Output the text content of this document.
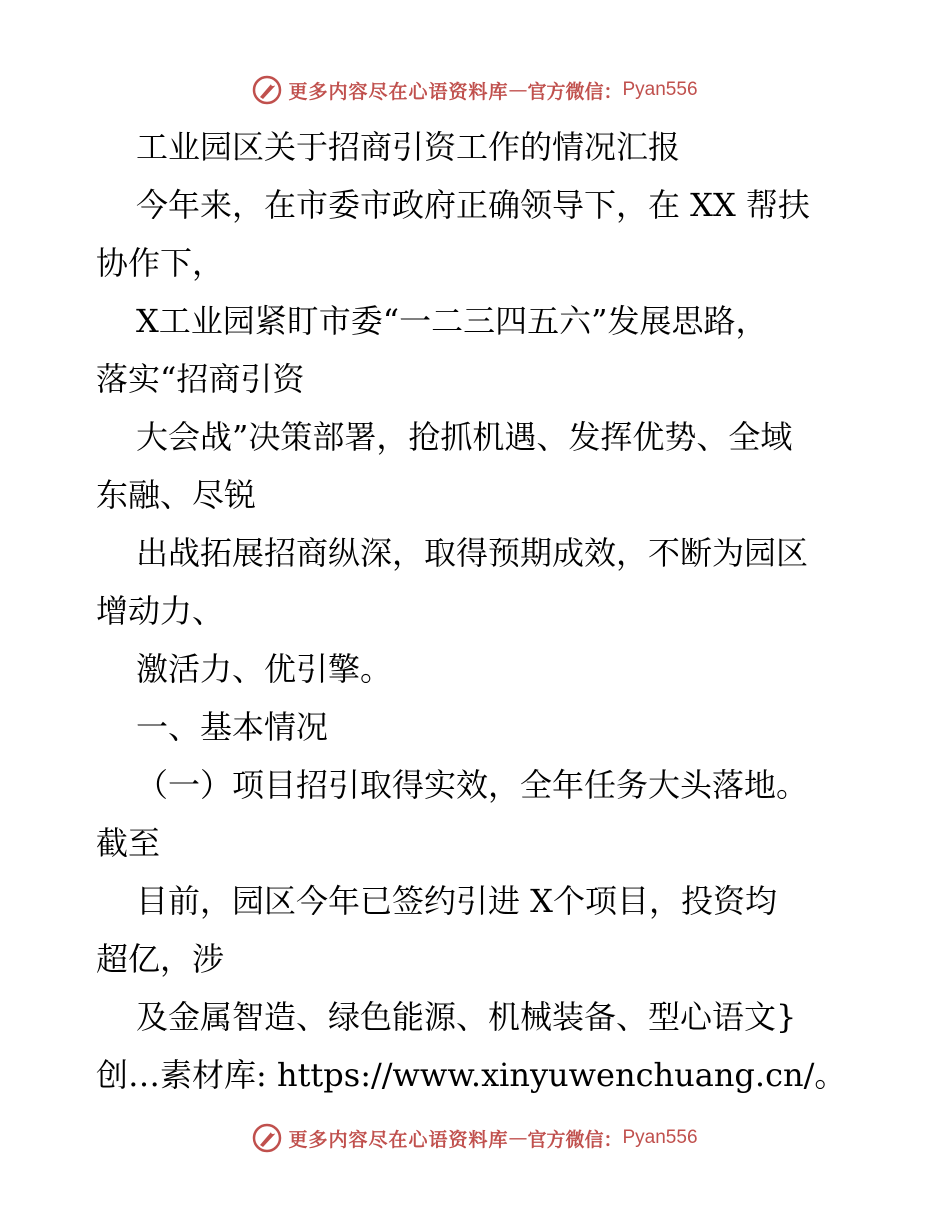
更多内容尽在心语资料库 — 官方微信： Pyan556
工业园区关于招商引资工作的情况汇报
今年来，在市委市政府正确领导下，在 XX 帮扶
协作下，
X工业园紧盯市委“一二三四五六”发展思路，
落实“招商引资
大会战”决策部署，抢抓机遇、发挥优势、全域
东融、尽锐
出战拓展招商纵深，取得预期成效，不断为园区
增动力、
激活力、优引擎。
一、基本情况
（一）项目招引取得实效，全年任务大头落地。
截至
目前，园区今年已签约引进 X个项目，投资均
超亿，涉
及金属智造、绿色能源、机械装备、型心语文}
创…素材库: https://www.xinyuwenchuang.cn/。
更多内容尽在心语资料库 — 官方微信： Pyan556
